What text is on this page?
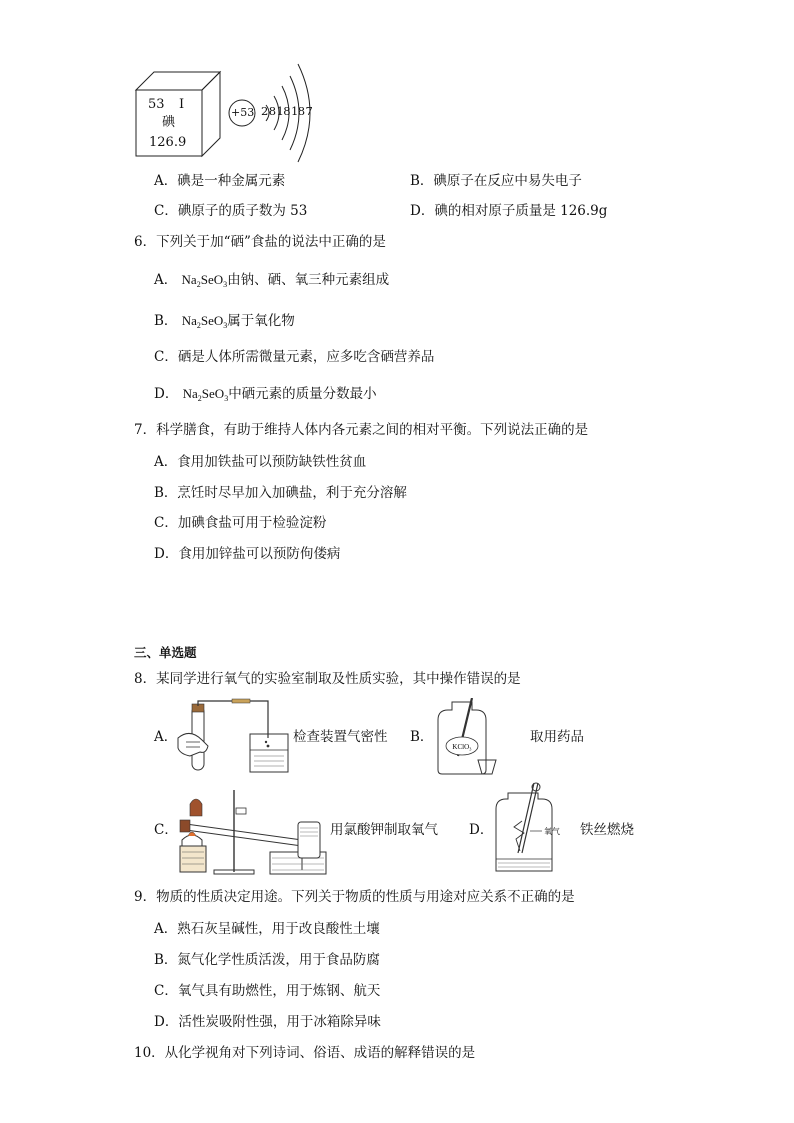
53 I
碘
126.9
+53 2 8 18 18 7
A．碘是一种金属元素	B．碘原子在反应中易失电子
C．碘原子的质子数为 53	D．碘的相对原子质量是 126.9g
6．下列关于加“硒”食盐的说法中正确的是
A． $Na_2SeO_3$由钠、硒、氧三种元素组成
B． $Na_2SeO_3$属于氧化物
C．硒是人体所需微量元素，应多吃含硒营养品
D． $Na_2SeO_3$中硒元素的质量分数最小
7．科学膳食，有助于维持人体内各元素之间的相对平衡。下列说法正确的是
A．食用加铁盐可以预防缺铁性贫血
B．烹饪时尽早加入加碘盐，利于充分溶解
C．加碘食盐可用于检验淀粉
D．食用加锌盐可以预防佝偻病
三、单选题
8．某同学进行氧气的实验室制取及性质实验，其中操作错误的是
A．	检查装置气密性 B．
KClO₃
取用药品
C．	用氯酸钾制取氧气 D．	氧气 铁丝燃烧
9．物质的性质决定用途。下列关于物质的性质与用途对应关系不正确的是
A．熟石灰呈碱性，用于改良酸性土壤
B．氮气化学性质活泼，用于食品防腐
C．氧气具有助燃性，用于炼钢、航天
D．活性炭吸附性强，用于冰箱除异味
10．从化学视角对下列诗词、俗语、成语的解释错误的是
